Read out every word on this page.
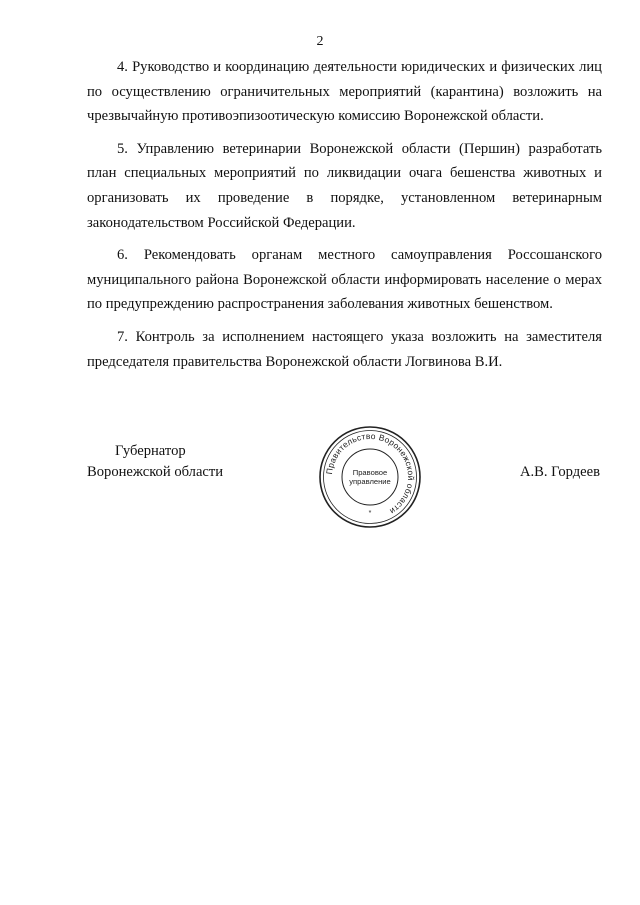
2

4. Руководство и координацию деятельности юридических и физических лиц по осуществлению ограничительных мероприятий (карантина) возложить на чрезвычайную противоэпизоотическую комиссию Воронежской области.

5. Управлению ветеринарии Воронежской области (Першин) разработать план специальных мероприятий по ликвидации очага бешенства животных и организовать их проведение в порядке, установленном ветеринарным законодательством Российской Федерации.

6. Рекомендовать органам местного самоуправления Россошанского муниципального района Воронежской области информировать население о мерах по предупреждению распространения заболевания животных бешенством.

7. Контроль за исполнением настоящего указа возложить на заместителя председателя правительства Воронежской области Логвинова В.И.

Губернатор
Воронежской области	Правительство Воронежской области
Правовое
управление
*
А.В. Гордеев
